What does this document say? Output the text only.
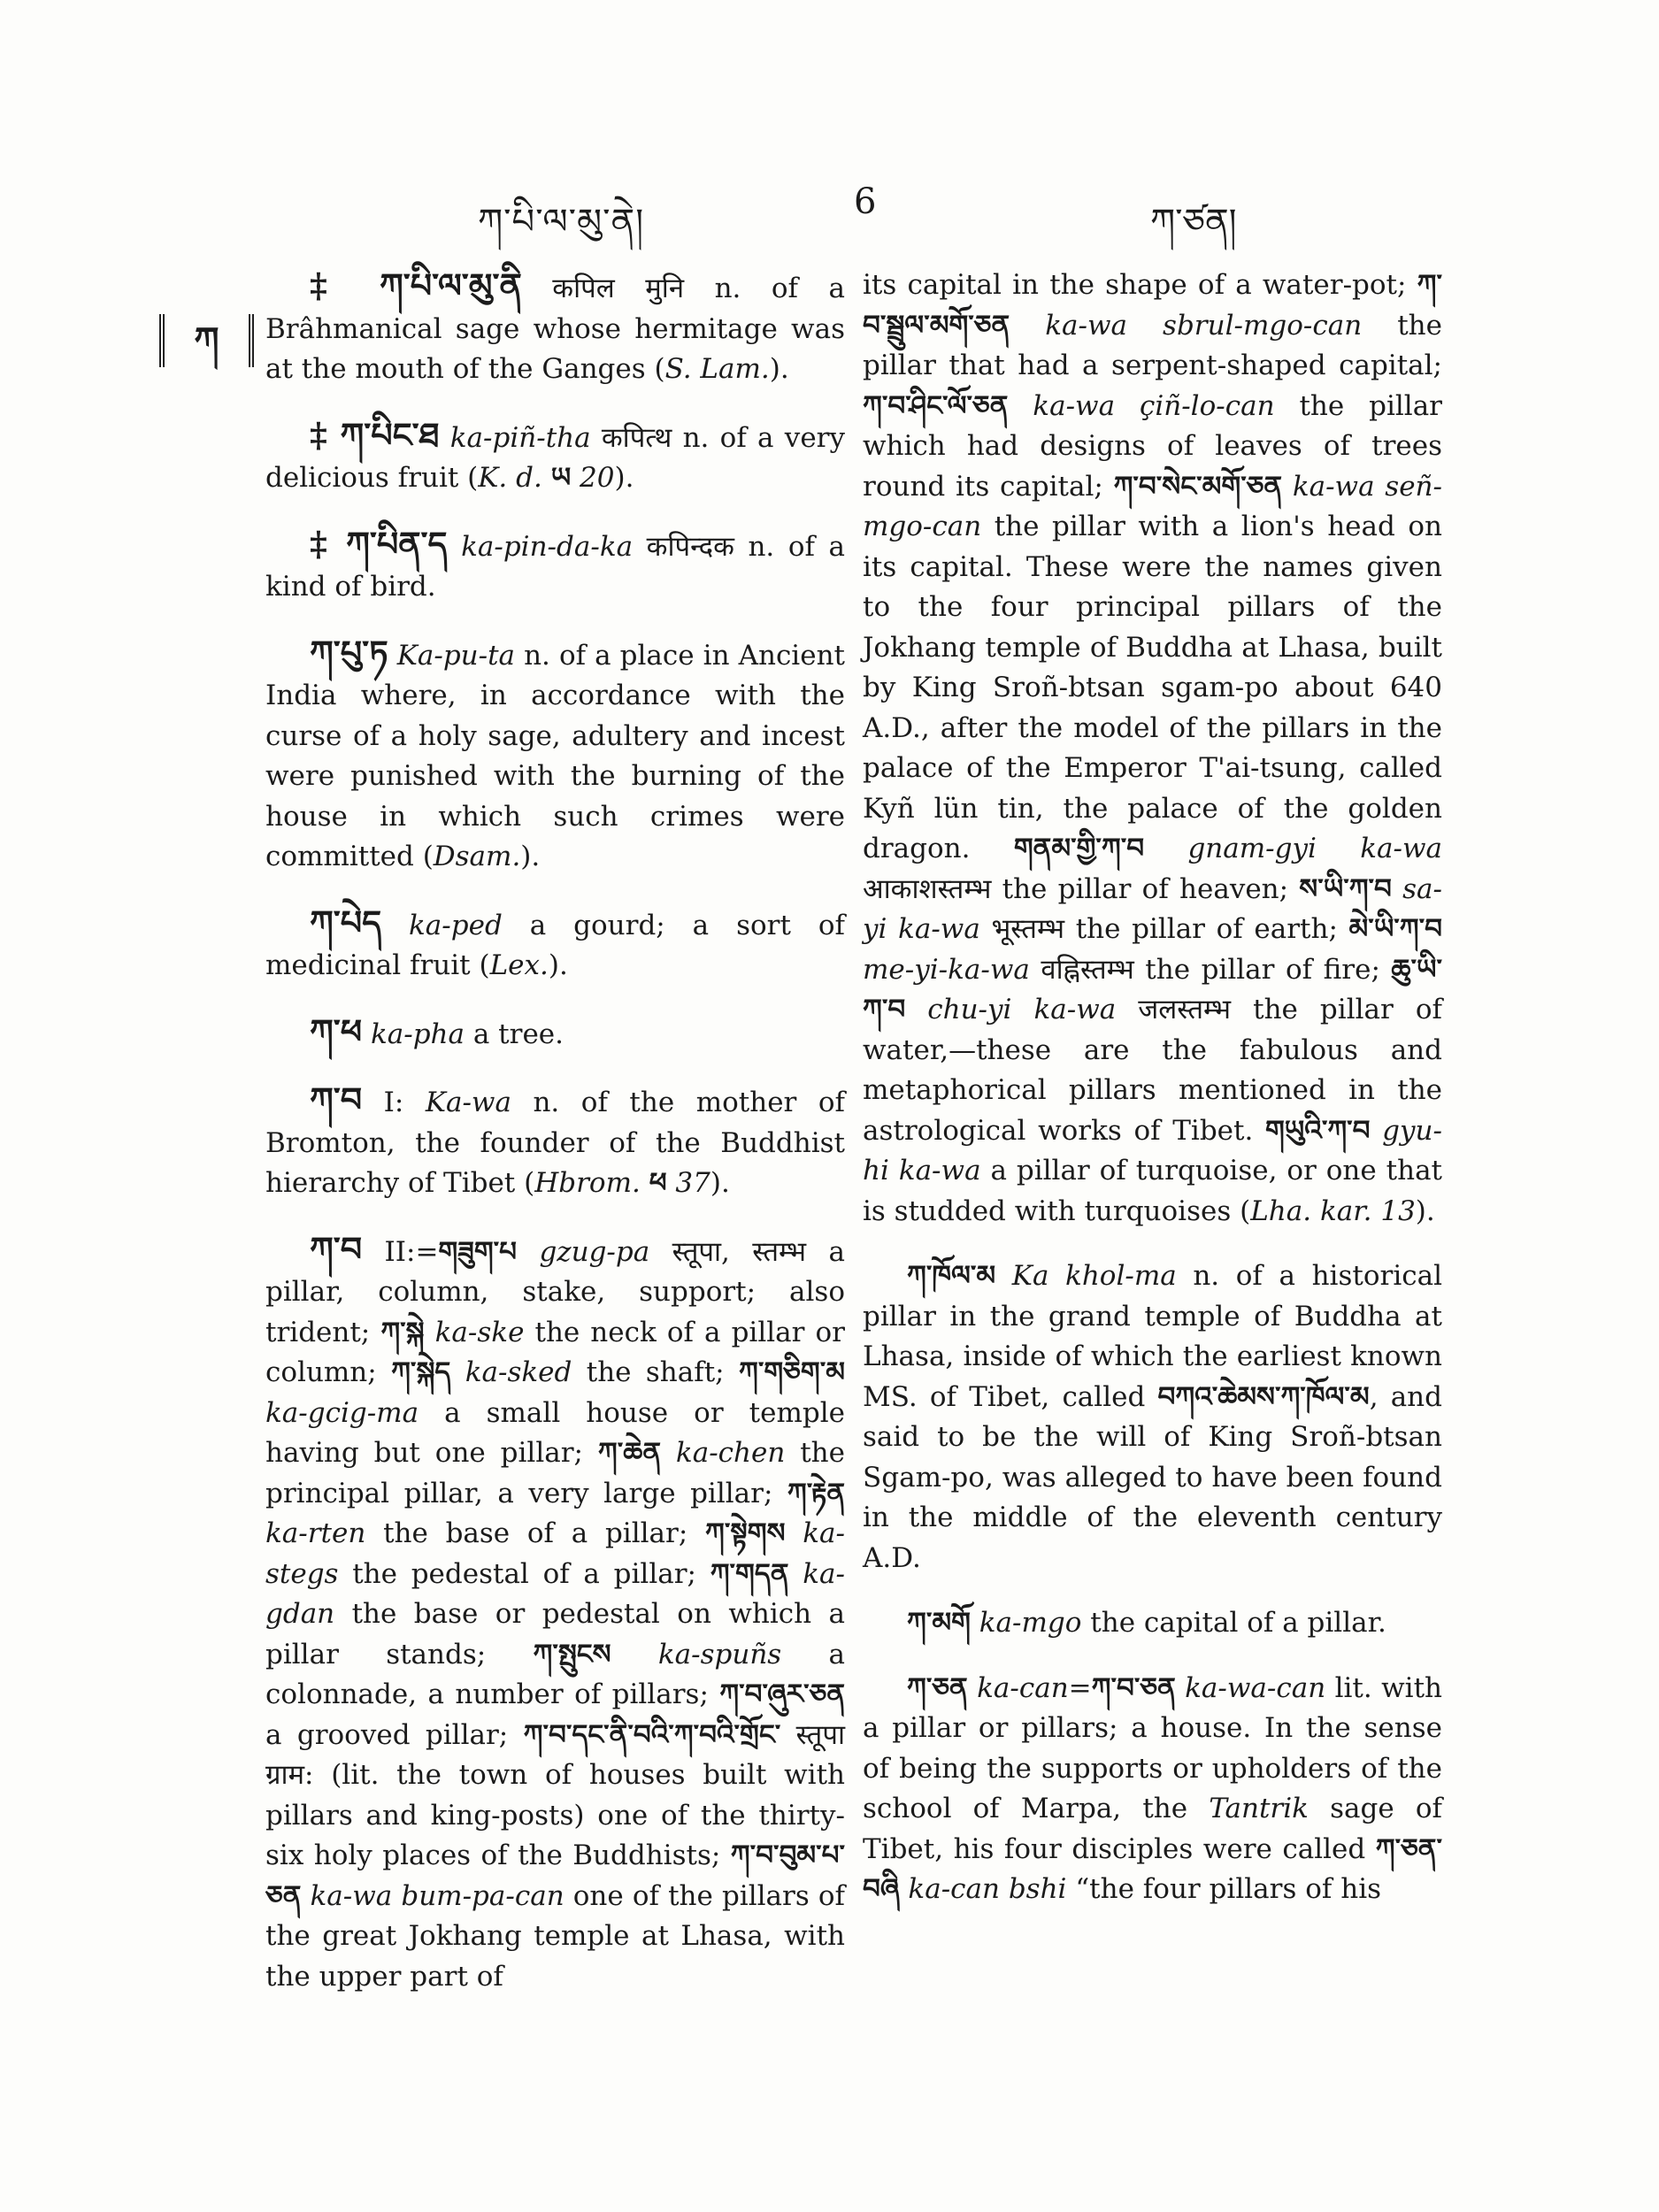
ཀ་པི་ལ་མུ་ནེ།	6	ཀ་ཙན།
ཀ

‡ ཀ་པི་ལ་མུ་ནི कपिल मुनि n. of a Brâhmanical sage whose hermitage was at the mouth of the Ganges (S. Lam.).

‡ ཀ་པིང་ཐ ka-piñ-tha कपित्थ n. of a very delicious fruit (K. d. ཡ 20).

‡ ཀ་པིན་ད ka-pin-da-ka कपिन्दक n. of a kind of bird.

ཀ་པུ་ཏ Ka-pu-ta n. of a place in Ancient India where, in accordance with the curse of a holy sage, adultery and incest were punished with the burning of the house in which such crimes were committed (Dsam.).

ཀ་པེད ka-ped a gourd; a sort of medicinal fruit (Lex.).

ཀ་ཕ ka-pha a tree.

ཀ་བ I: Ka-wa n. of the mother of Bromton, the founder of the Buddhist hierarchy of Tibet (Hbrom. ཕ 37).

ཀ་བ II:=གཟུག་པ gzug-pa स्तूपा, स्तम्भ a pillar, column, stake, support; also trident; ཀ་སྐེ ka-ske the neck of a pillar or column; ཀ་སྐེད ka-sked the shaft; ཀ་གཅིག་མ ka-gcig-ma a small house or temple having but one pillar; ཀ་ཆེན ka-chen the principal pillar, a very large pillar; ཀ་རྟེན ka-rten the base of a pillar; ཀ་སྟེགས ka-stegs the pedestal of a pillar; ཀ་གདན ka-gdan the base or pedestal on which a pillar stands; ཀ་སྤུངས ka-spuñs a colonnade, a number of pillars; ཀ་བ་ཞུར་ཅན a grooved pillar; ཀ་བ་དང་ནི་བའི་ཀ་བའི་གྲོང་ स्तूपा ग्राम: (lit. the town of houses built with pillars and king-posts) one of the thirty-six holy places of the Buddhists; ཀ་བ་བུམ་པ་ཅན ka-wa bum-pa-can one of the pillars of the great Jokhang temple at Lhasa, with the upper part of

its capital in the shape of a water-pot; ཀ་བ་སྦྲུལ་མགོ་ཅན ka-wa sbrul-mgo-can the pillar that had a serpent-shaped capital; ཀ་བ་ཤིང་ལོ་ཅན ka-wa çiñ-lo-can the pillar which had designs of leaves of trees round its capital; ཀ་བ་སེང་མགོ་ཅན ka-wa señ-mgo-can the pillar with a lion's head on its capital. These were the names given to the four principal pillars of the Jokhang temple of Buddha at Lhasa, built by King Sroñ-btsan sgam-po about 640 A.D., after the model of the pillars in the palace of the Emperor T'ai-tsung, called Kyñ lün tin, the palace of the golden dragon. གནམ་གྱི་ཀ་བ gnam-gyi ka-wa आकाशस्तम्भ the pillar of heaven; ས་ཡི་ཀ་བ sa-yi ka-wa भूस्तम्भ the pillar of earth; མེ་ཡི་ཀ་བ me-yi-ka-wa वह्निस्तम्भ the pillar of fire; ཆུ་ཡི་ཀ་བ chu-yi ka-wa जलस्तम्भ the pillar of water,—these are the fabulous and metaphorical pillars mentioned in the astrological works of Tibet. གཡུའི་ཀ་བ gyu-hi ka-wa a pillar of turquoise, or one that is studded with turquoises (Lha. kar. 13).

ཀ་ཁོལ་མ Ka khol-ma n. of a historical pillar in the grand temple of Buddha at Lhasa, inside of which the earliest known MS. of Tibet, called བཀའ་ཆེམས་ཀ་ཁོལ་མ, and said to be the will of King Sroñ-btsan Sgam-po, was alleged to have been found in the middle of the eleventh century A.D.

ཀ་མགོ ka-mgo the capital of a pillar.

ཀ་ཅན ka-can=ཀ་བ་ཅན ka-wa-can lit. with a pillar or pillars; a house. In the sense of being the supports or upholders of the school of Marpa, the Tantrik sage of Tibet, his four disciples were called ཀ་ཅན་བཞི ka-can bshi “the four pillars of his
